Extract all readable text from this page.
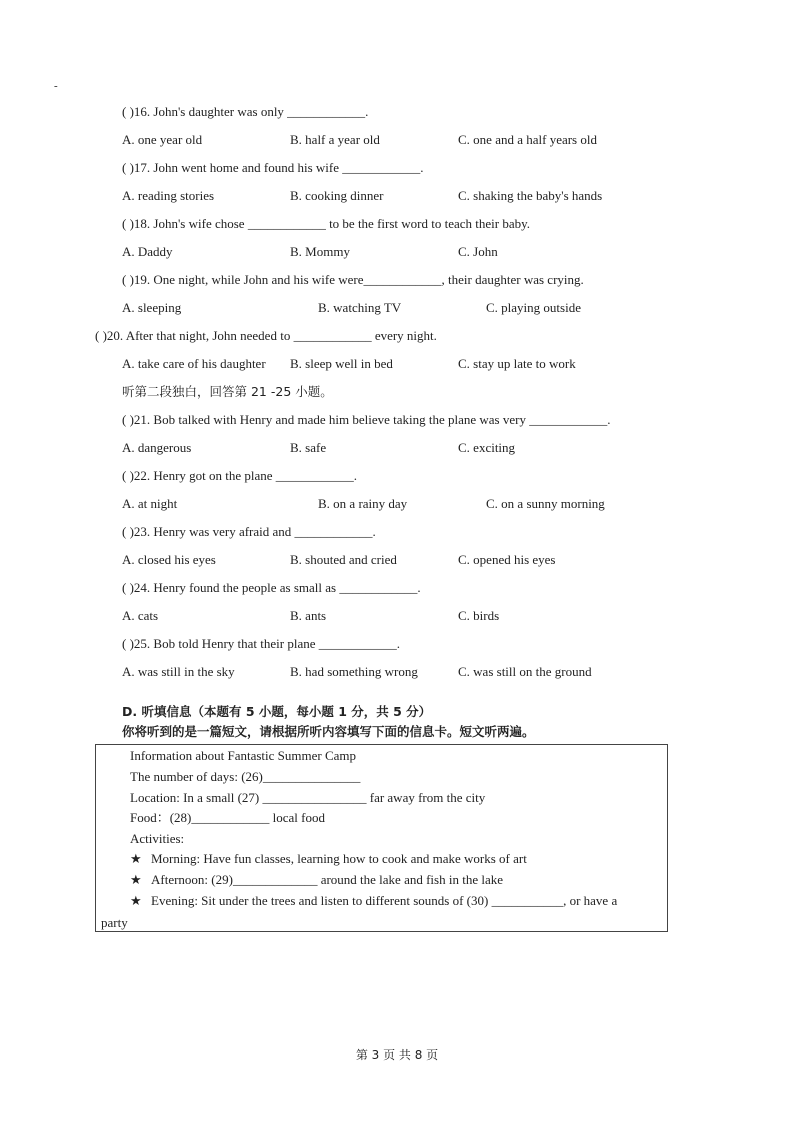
-
( )16. John's daughter was only ____________.
A. one year old	B. half a year old	C. one and a half years old
( )17. John went home and found his wife ____________.
A. reading stories	B. cooking dinner	C. shaking the baby's hands
( )18. John's wife chose ____________ to be the first word to teach their baby.
A. Daddy	B. Mommy	C. John
( )19. One night, while John and his wife were____________, their daughter was crying.
A. sleeping	B. watching TV	C. playing outside
( )20. After that night, John needed to ____________ every night.
A. take care of his daughter B. sleep well in bed	C. stay up late to work
听第二段独白，回答第 21 -25 小题。
( )21. Bob talked with Henry and made him believe taking the plane was very ____________.
A. dangerous	B. safe	C. exciting
( )22. Henry got on the plane ____________.
A. at night	B. on a rainy day	C. on a sunny morning
( )23. Henry was very afraid and ____________.
A. closed his eyes	B. shouted and cried	C. opened his eyes
( )24. Henry found the people as small as ____________.
A. cats	B. ants	C. birds
( )25. Bob told Henry that their plane ____________.
A. was still in the sky	B. had something wrong	C. was still on the ground
D. 听填信息（本题有 5 小题，每小题 1 分，共 5 分）
你将听到的是一篇短文，请根据所听内容填写下面的信息卡。短文听两遍。
Information about Fantastic Summer Camp
The number of days: (26)_______________
Location: In a small (27) ________________ far away from the city
Food：(28)____________ local food
Activities:
★ Morning: Have fun classes, learning how to cook and make works of art
★ Afternoon: (29)_____________ around the lake and fish in the lake
★ Evening: Sit under the trees and listen to different sounds of (30) ___________, or have a
party
第 3 页 共 8 页
